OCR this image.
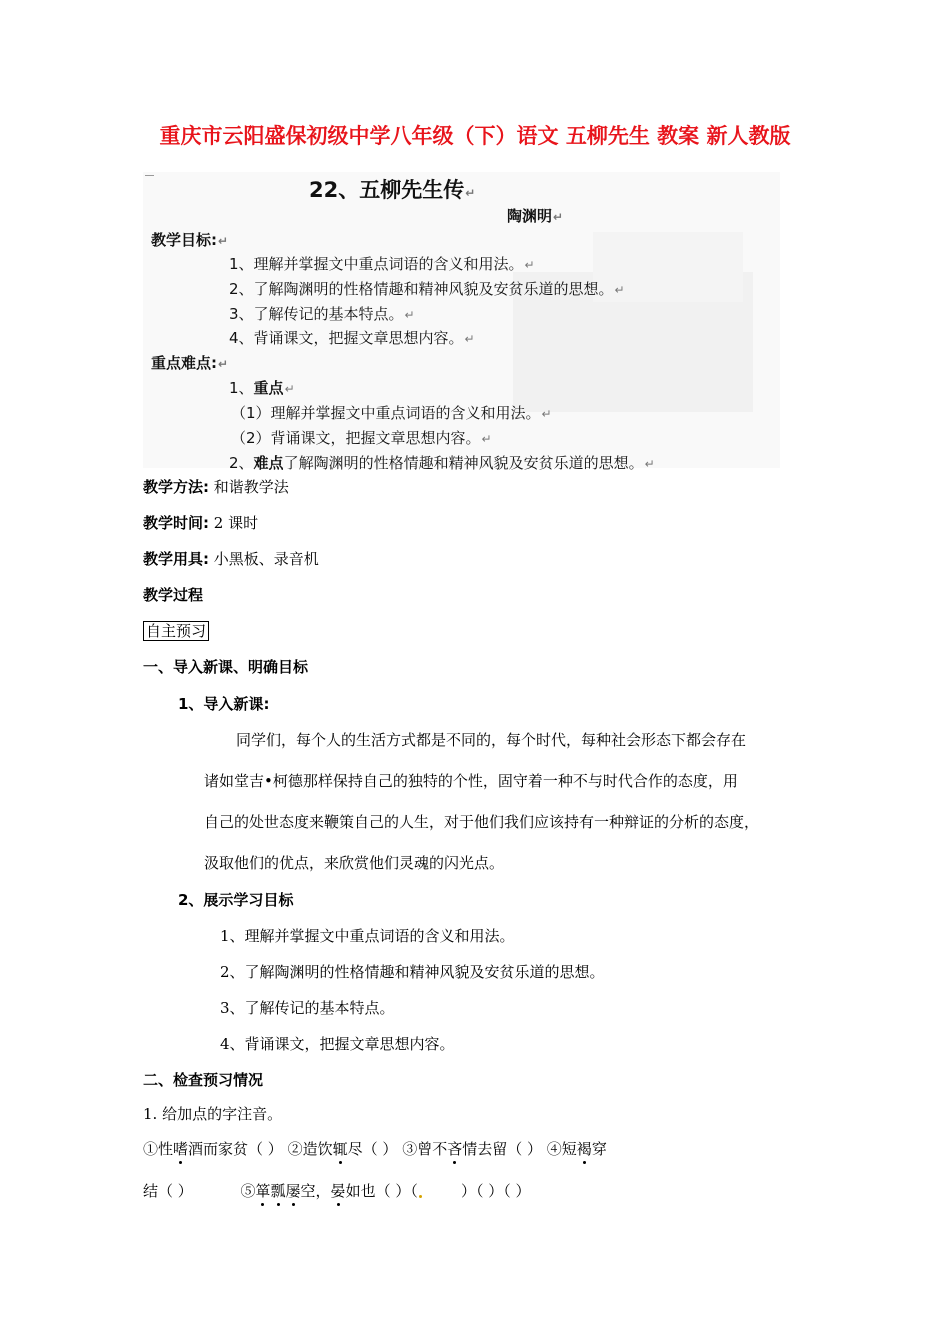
重庆市云阳盛保初级中学八年级（下）语文 五柳先生 教案 新人教版
22、五柳先生传↵
陶渊明↵
教学目标:↵
1、理解并掌握文中重点词语的含义和用法。↵
2、了解陶渊明的性格情趣和精神风貌及安贫乐道的思想。↵
3、了解传记的基本特点。↵
4、背诵课文，把握文章思想内容。↵
重点难点:↵
1、重点↵
（1）理解并掌握文中重点词语的含义和用法。↵
（2）背诵课文，把握文章思想内容。↵
2、难点了解陶渊明的性格情趣和精神风貌及安贫乐道的思想。↵
教学方法: 和谐教学法
教学时间: 2 课时
教学用具: 小黑板、录音机
教学过程
自主预习
一、导入新课、明确目标
1、导入新课:
同学们，每个人的生活方式都是不同的，每个时代，每种社会形态下都会存在
诸如堂吉•柯德那样保持自己的独特的个性，固守着一种不与时代合作的态度，用
自己的处世态度来鞭策自己的人生，对于他们我们应该持有一种辩证的分析的态度，
汲取他们的优点，来欣赏他们灵魂的闪光点。
2、展示学习目标
1、理解并掌握文中重点词语的含义和用法。
2、了解陶渊明的性格情趣和精神风貌及安贫乐道的思想。
3、了解传记的基本特点。
4、背诵课文，把握文章思想内容。
二、检查预习情况
1. 给加点的字注音。
①性嗜酒而家贫（ ） ②造饮辄尽（ ） ③曾不吝情去留（ ） ④短褐穿
结（ ）	⑤箪瓢屡空，晏如也（ ）（	）（ ）（ ）
